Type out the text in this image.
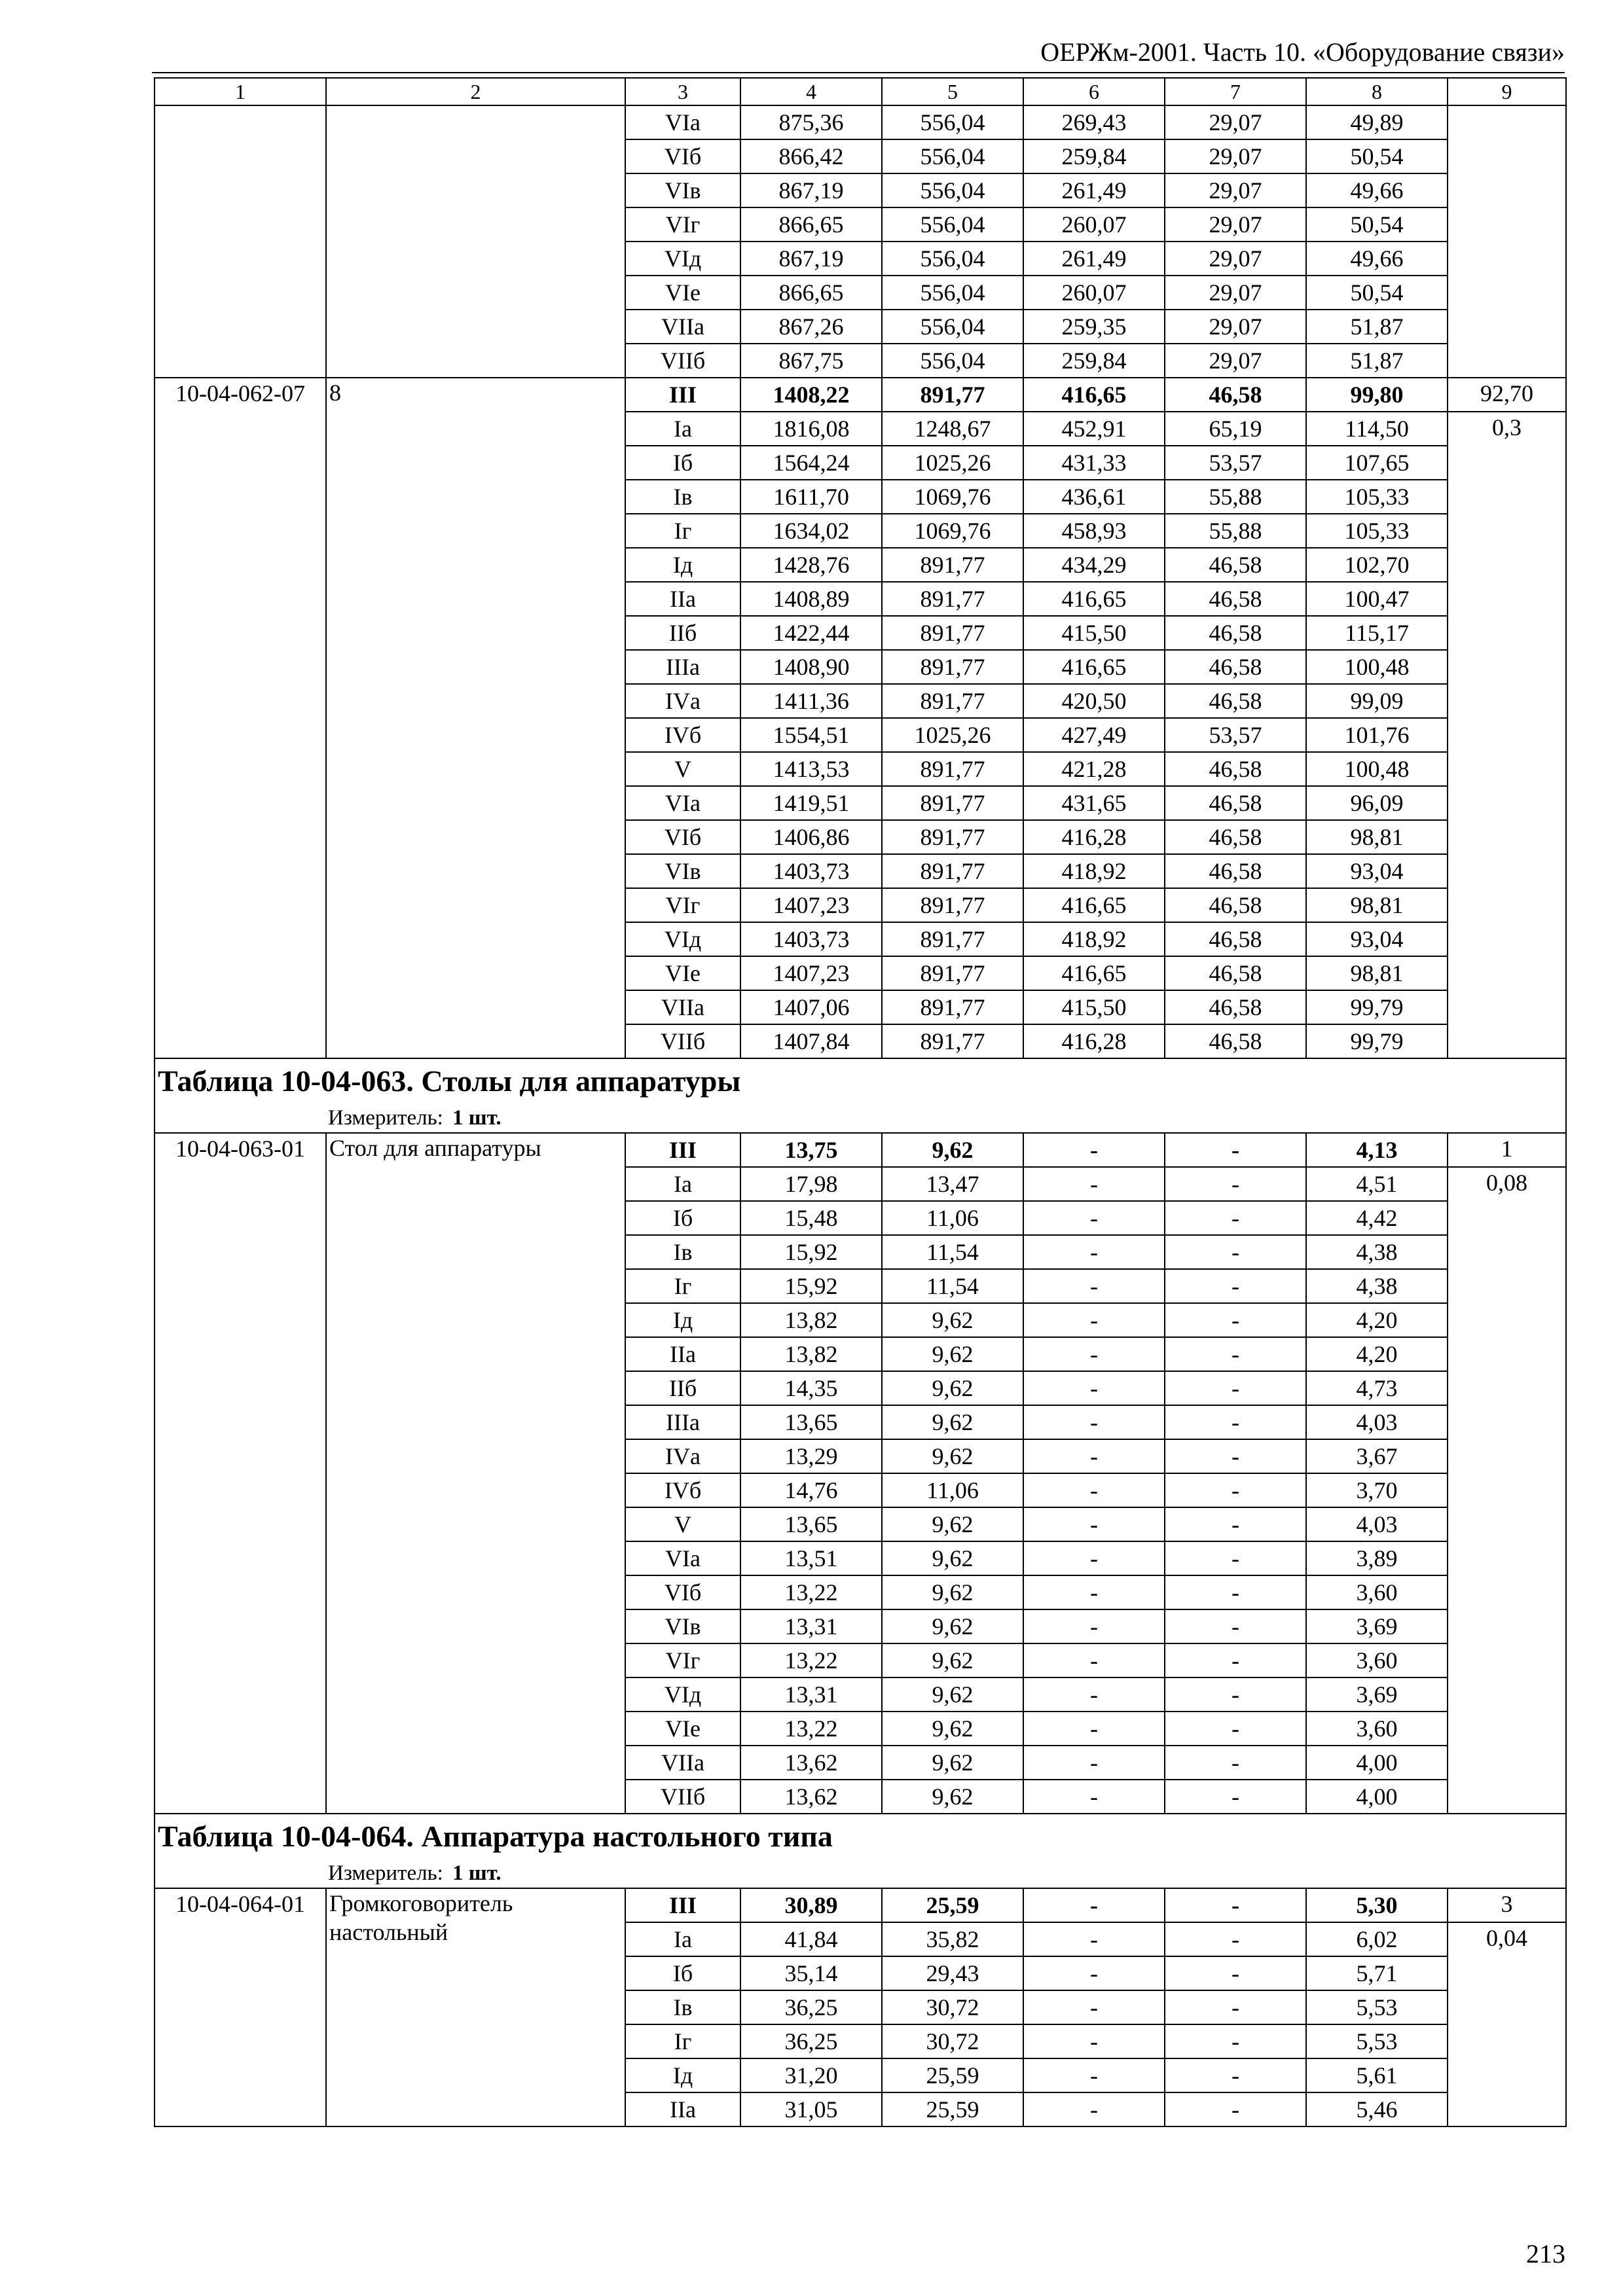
ОЕРЖм-2001. Часть 10. «Оборудование связи»
1	2	3	4	5	6	7	8	9
		VIа	875,36	556,04	269,43	29,07	49,89	
		VIб	866,42	556,04	259,84	29,07	50,54	
		VIв	867,19	556,04	261,49	29,07	49,66	
		VIг	866,65	556,04	260,07	29,07	50,54	
		VIд	867,19	556,04	261,49	29,07	49,66	
		VIе	866,65	556,04	260,07	29,07	50,54	
		VIIа	867,26	556,04	259,35	29,07	51,87	
		VIIб	867,75	556,04	259,84	29,07	51,87	
10-04-062-07	8	III	1408,22	891,77	416,65	46,58	99,80	92,70
		Iа	1816,08	1248,67	452,91	65,19	114,50	0,3
		Iб	1564,24	1025,26	431,33	53,57	107,65	
		Iв	1611,70	1069,76	436,61	55,88	105,33	
		Iг	1634,02	1069,76	458,93	55,88	105,33	
		Iд	1428,76	891,77	434,29	46,58	102,70	
		IIа	1408,89	891,77	416,65	46,58	100,47	
		IIб	1422,44	891,77	415,50	46,58	115,17	
		IIIа	1408,90	891,77	416,65	46,58	100,48	
		IVа	1411,36	891,77	420,50	46,58	99,09	
		IVб	1554,51	1025,26	427,49	53,57	101,76	
		V	1413,53	891,77	421,28	46,58	100,48	
		VIа	1419,51	891,77	431,65	46,58	96,09	
		VIб	1406,86	891,77	416,28	46,58	98,81	
		VIв	1403,73	891,77	418,92	46,58	93,04	
		VIг	1407,23	891,77	416,65	46,58	98,81	
		VIд	1403,73	891,77	418,92	46,58	93,04	
		VIе	1407,23	891,77	416,65	46,58	98,81	
		VIIа	1407,06	891,77	415,50	46,58	99,79	
		VIIб	1407,84	891,77	416,28	46,58	99,79	
Таблица 10-04-063. Столы для аппаратуры								
Измеритель: 1 шт.								
10-04-063-01	Стол для аппаратуры	III	13,75	9,62	-	-	4,13	1
		Iа	17,98	13,47	-	-	4,51	0,08
		Iб	15,48	11,06	-	-	4,42	
		Iв	15,92	11,54	-	-	4,38	
		Iг	15,92	11,54	-	-	4,38	
		Iд	13,82	9,62	-	-	4,20	
		IIа	13,82	9,62	-	-	4,20	
		IIб	14,35	9,62	-	-	4,73	
		IIIа	13,65	9,62	-	-	4,03	
		IVа	13,29	9,62	-	-	3,67	
		IVб	14,76	11,06	-	-	3,70	
		V	13,65	9,62	-	-	4,03	
		VIа	13,51	9,62	-	-	3,89	
		VIб	13,22	9,62	-	-	3,60	
		VIв	13,31	9,62	-	-	3,69	
		VIг	13,22	9,62	-	-	3,60	
		VIд	13,31	9,62	-	-	3,69	
		VIе	13,22	9,62	-	-	3,60	
		VIIа	13,62	9,62	-	-	4,00	
		VIIб	13,62	9,62	-	-	4,00	
Таблица 10-04-064. Аппаратура настольного типа								
Измеритель: 1 шт.								
10-04-064-01	Громкоговоритель настольный	III	30,89	25,59	-	-	5,30	3
		Iа	41,84	35,82	-	-	6,02	0,04
		Iб	35,14	29,43	-	-	5,71	
		Iв	36,25	30,72	-	-	5,53	
		Iг	36,25	30,72	-	-	5,53	
		Iд	31,20	25,59	-	-	5,61	
		IIа	31,05	25,59	-	-	5,46	
213
